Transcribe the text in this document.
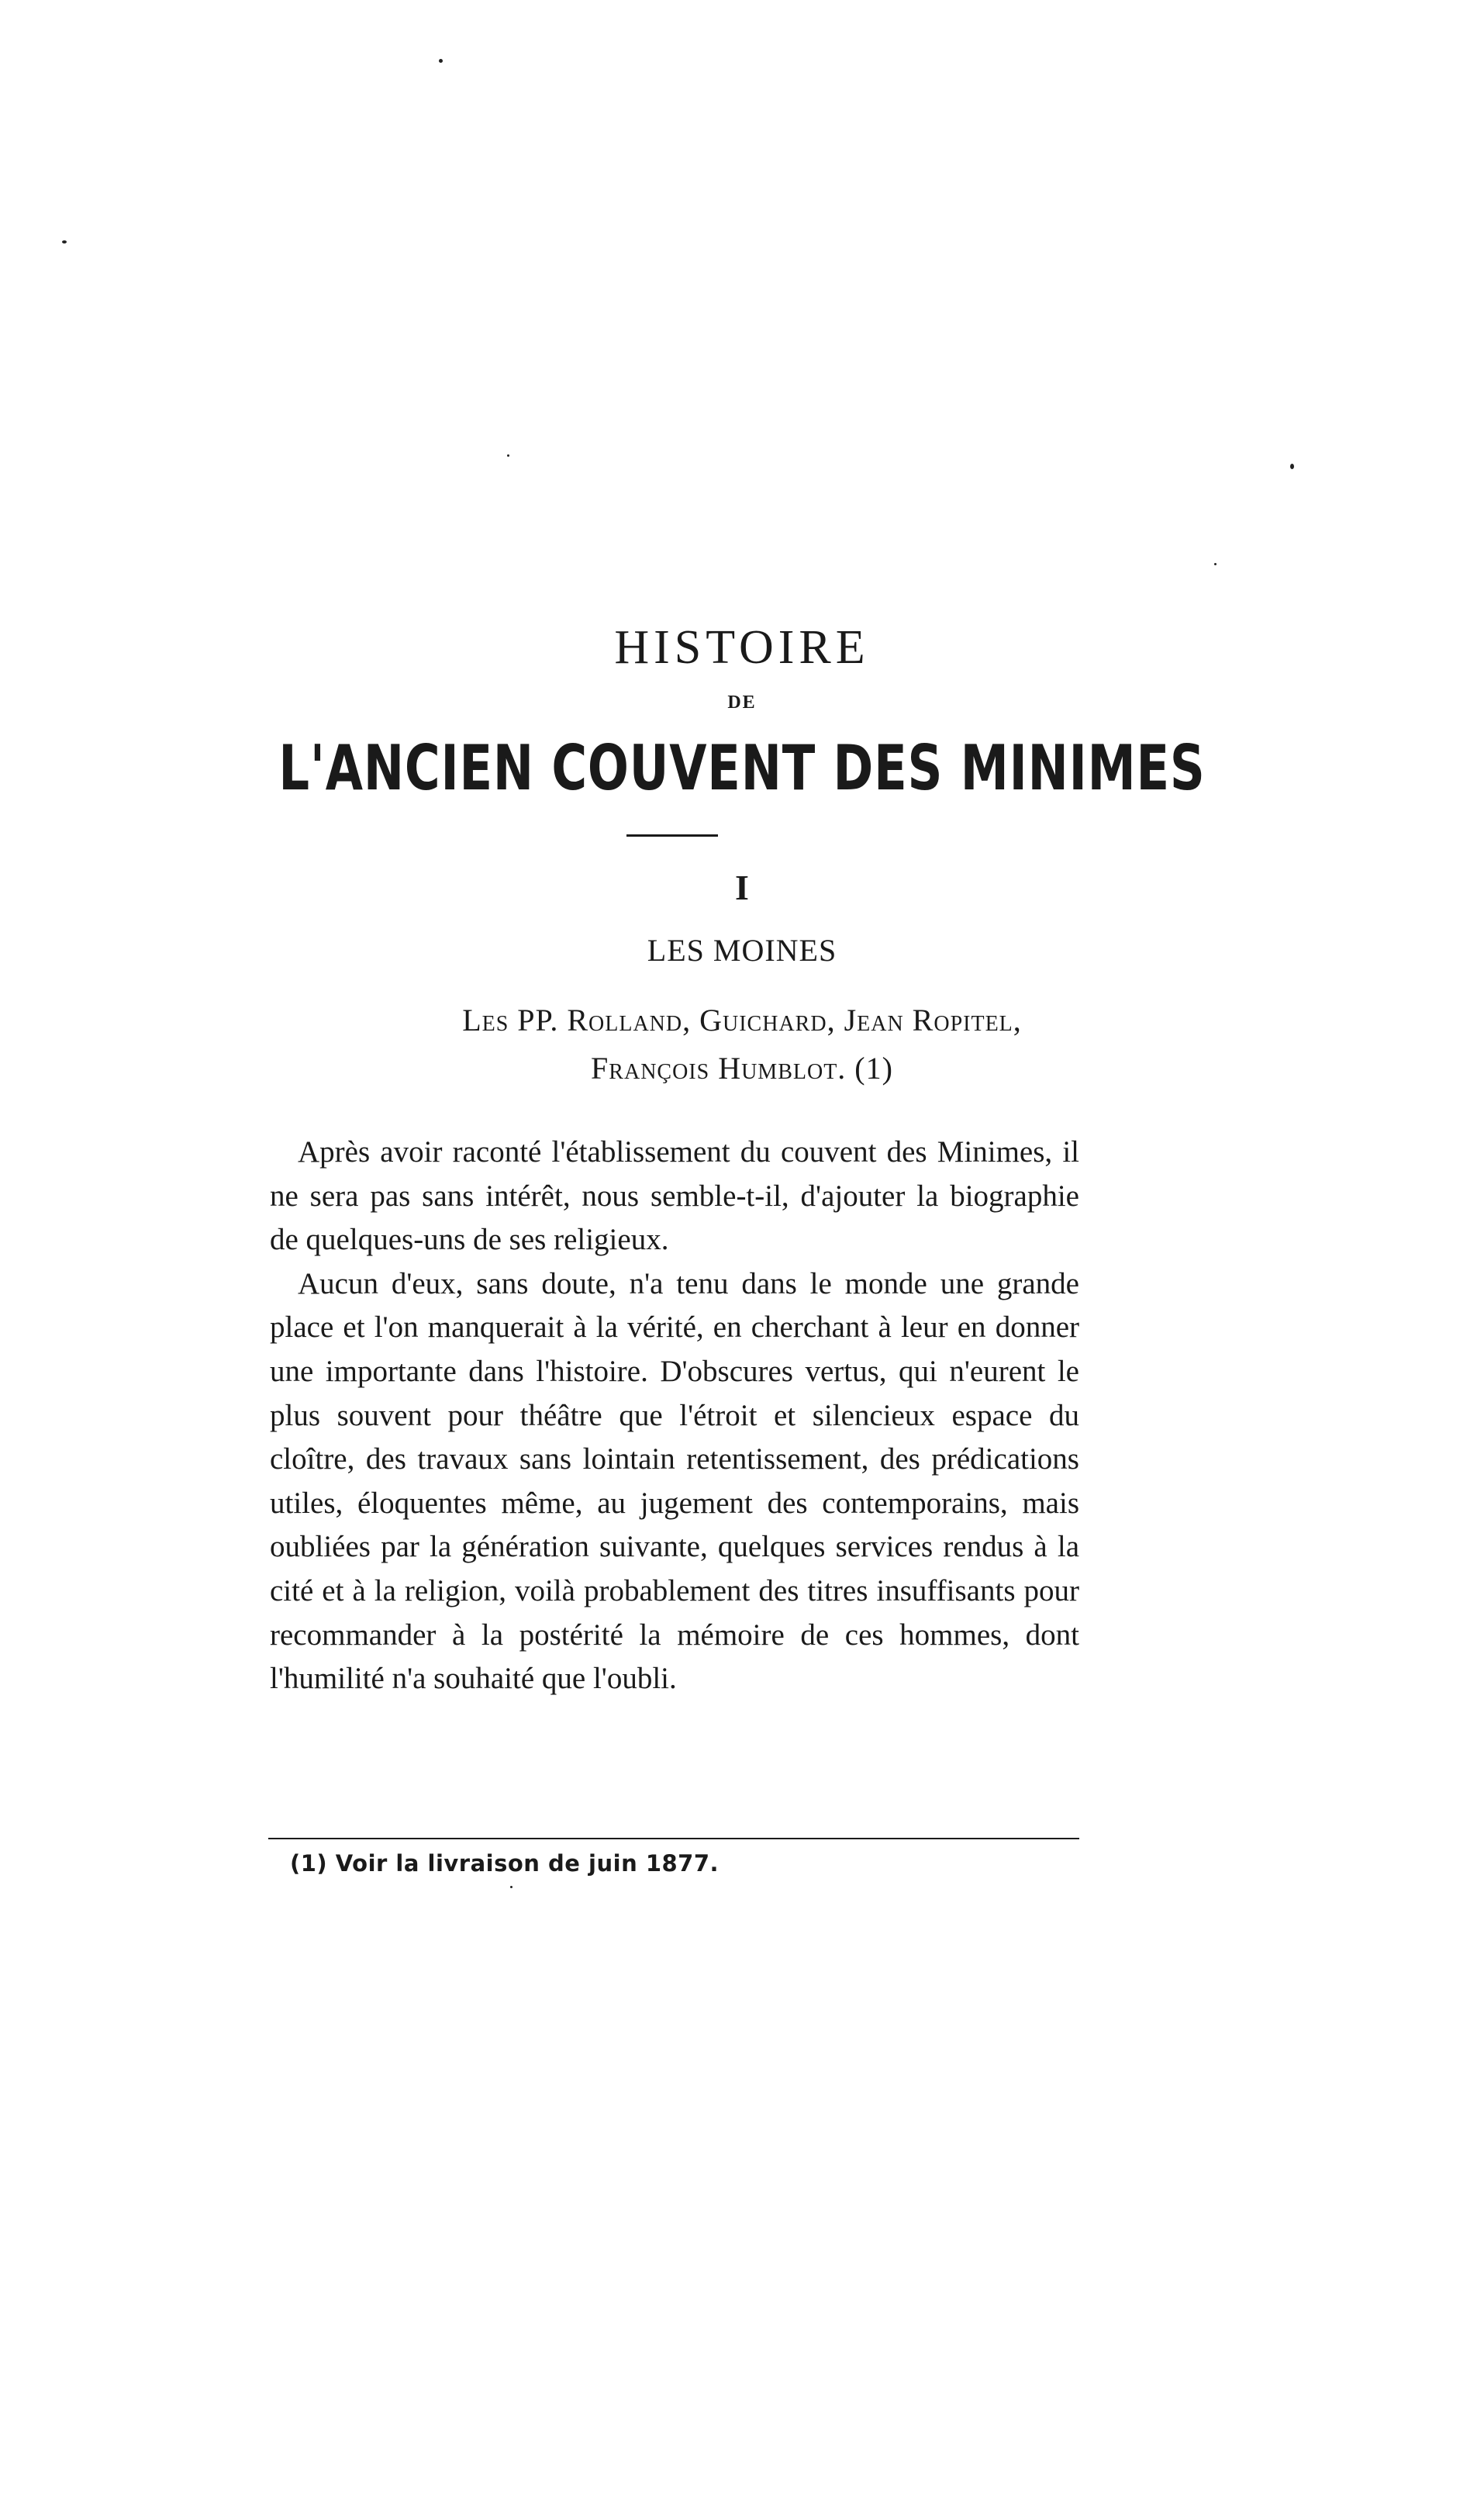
HISTOIRE
DE
L'ANCIEN COUVENT DES MINIMES
I
LES MOINES
Les PP. Rolland, Guichard, Jean Ropitel,
François Humblot. (1)

Après avoir raconté l'établissement du couvent des Minimes, il ne sera pas sans intérêt, nous semble-t-il, d'ajouter la biographie de quelques-uns de ses religieux.

Aucun d'eux, sans doute, n'a tenu dans le monde une grande place et l'on manquerait à la vérité, en cherchant à leur en donner une importante dans l'histoire. D'obscures vertus, qui n'eurent le plus souvent pour théâtre que l'étroit et silencieux espace du cloître, des travaux sans lointain retentissement, des prédications utiles, éloquentes même, au jugement des contemporains, mais oubliées par la génération suivante, quelques services rendus à la cité et à la religion, voilà probablement des titres insuffisants pour recommander à la postérité la mémoire de ces hommes, dont l'humilité n'a souhaité que l'oubli.

(1) Voir la livraison de juin 1877.
